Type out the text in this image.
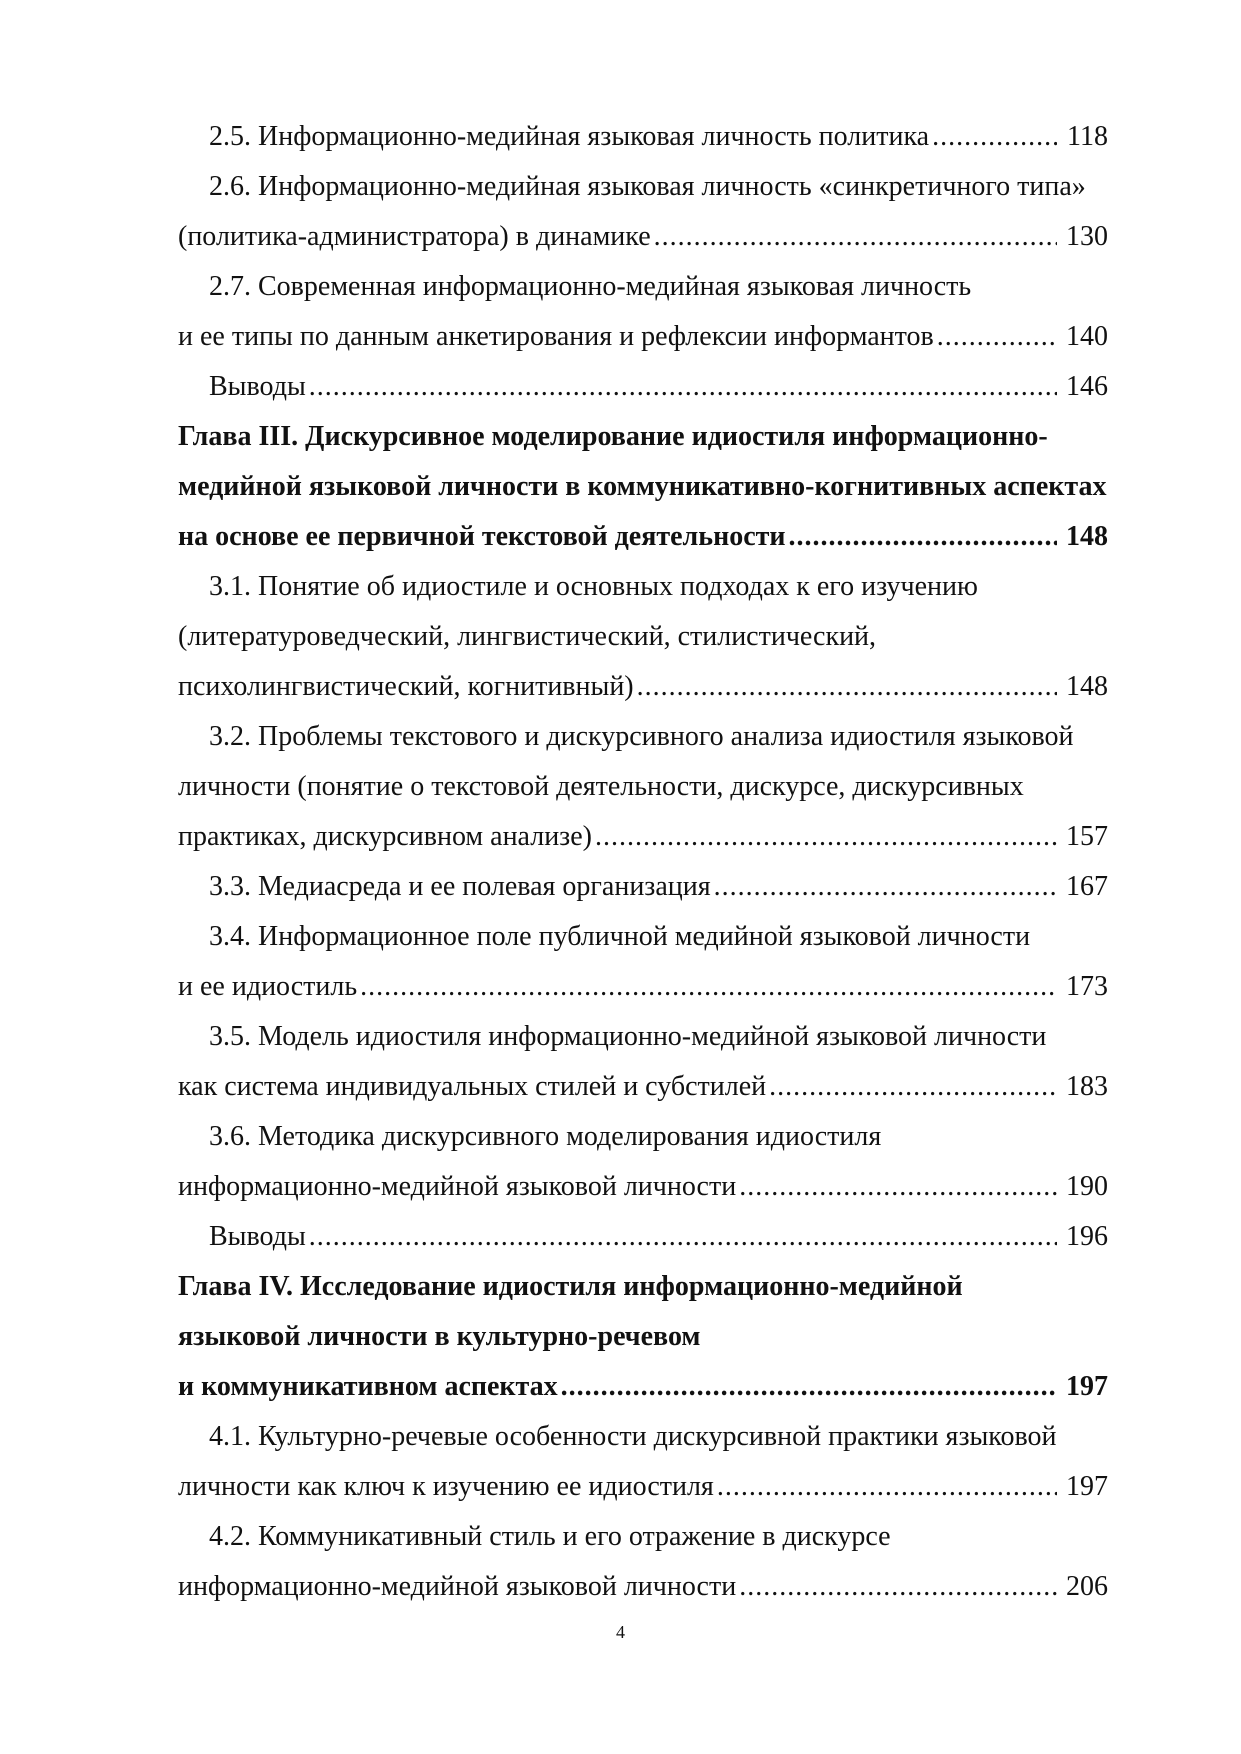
2.5. Информационно-медийная языковая личность политика .....	118
2.6. Информационно-медийная языковая личность «синкретичного типа»
(политика-администратора) в динамике .....	130
2.7. Современная информационно-медийная языковая личность
и ее типы по данным анкетирования и рефлексии информантов .....	140
Выводы .....	146
Глава III. Дискурсивное моделирование идиостиля информационно-
медийной языковой личности в коммуникативно-когнитивных аспектах
на основе ее первичной текстовой деятельности .....	148
3.1. Понятие об идиостиле и основных подходах к его изучению
(литературоведческий, лингвистический, стилистический,
психолингвистический, когнитивный) .....	148
3.2. Проблемы текстового и дискурсивного анализа идиостиля языковой
личности (понятие о текстовой деятельности, дискурсе, дискурсивных
практиках, дискурсивном анализе) .....	157
3.3. Медиасреда и ее полевая организация .....	167
3.4. Информационное поле публичной медийной языковой личности
и ее идиостиль .....	173
3.5. Модель идиостиля информационно-медийной языковой личности
как система индивидуальных стилей и субстилей .....	183
3.6. Методика дискурсивного моделирования идиостиля
информационно-медийной языковой личности .....	190
Выводы .....	196
Глава IV. Исследование идиостиля информационно-медийной
языковой личности в культурно-речевом
и коммуникативном аспектах .....	197
4.1. Культурно-речевые особенности дискурсивной практики языковой
личности как ключ к изучению ее идиостиля .....	197
4.2. Коммуникативный стиль и его отражение в дискурсе
информационно-медийной языковой личности .....	206
4
